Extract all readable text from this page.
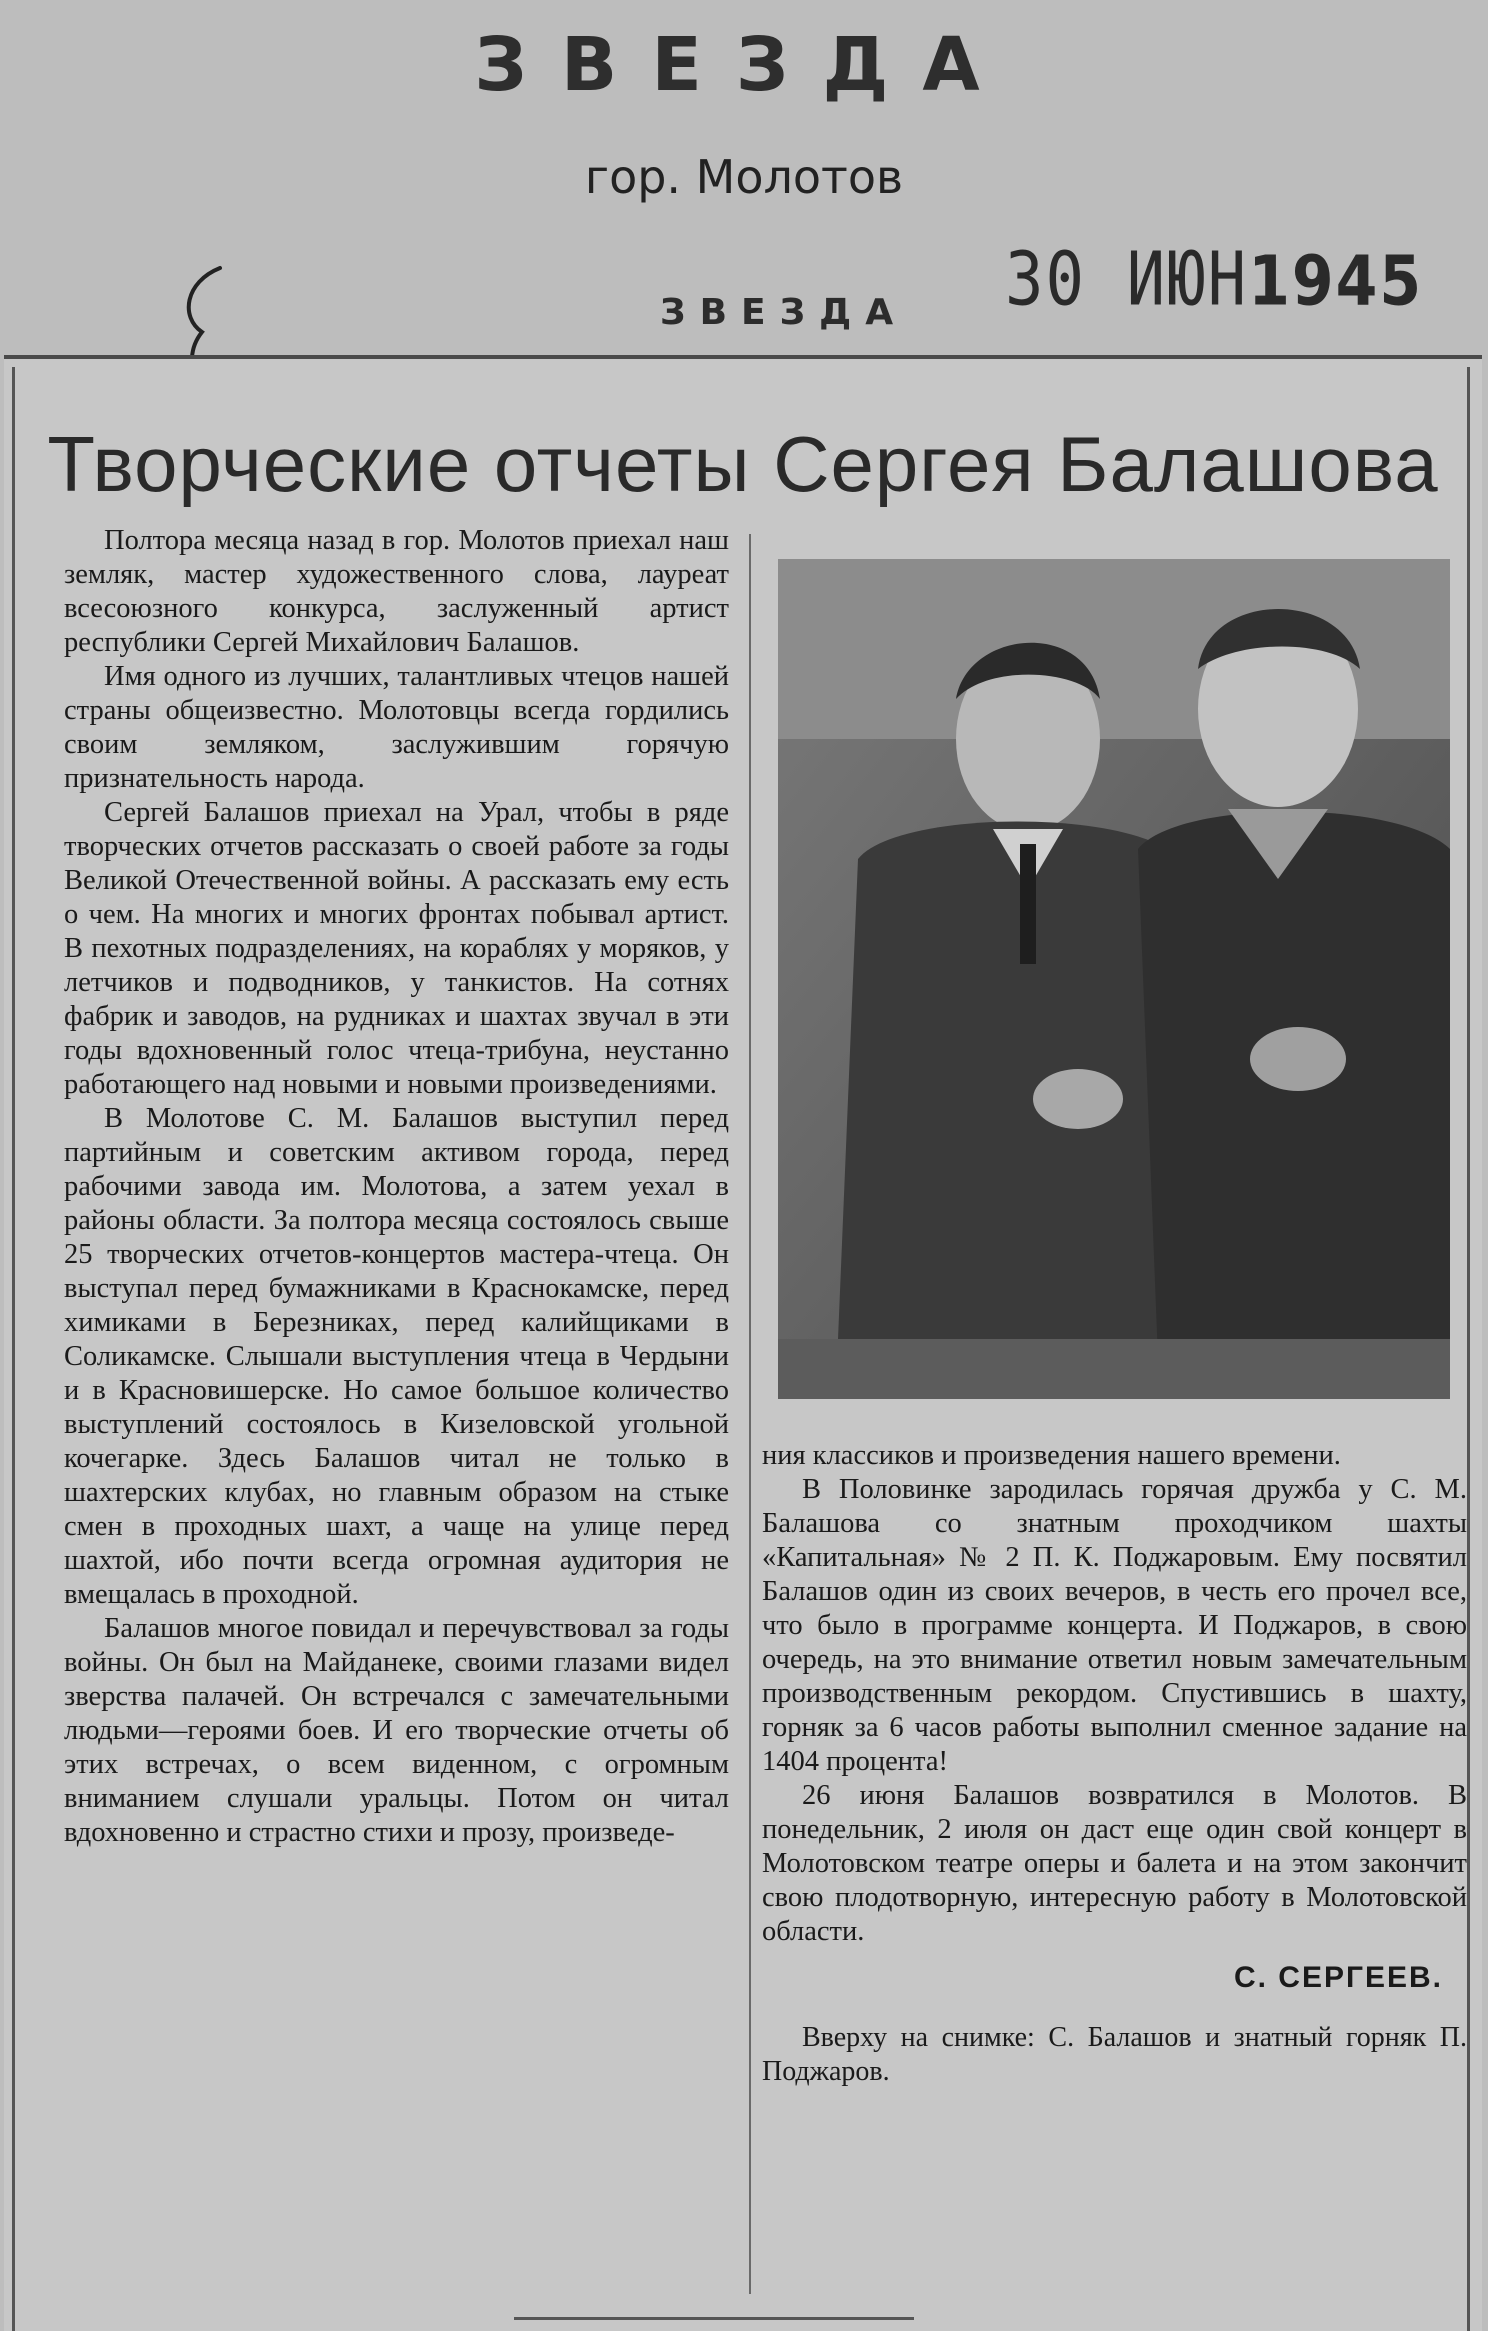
ЗВЕЗДА
гор. Молотов
ЗВЕЗДА 30 ИЮН1945
Творческие отчеты Сергея Балашова

Полтора месяца назад в гор. Молотов приехал наш земляк, мастер художественного слова, лауреат всесоюзного конкурса, заслуженный артист республики Сергей Михайлович Балашов.

Имя одного из лучших, талантливых чтецов нашей страны общеизвестно. Молотовцы всегда гордились своим земляком, заслужившим горячую признательность народа.

Сергей Балашов приехал на Урал, чтобы в ряде творческих отчетов рассказать о своей работе за годы Великой Отечественной войны. А рассказать ему есть о чем. На многих и многих фронтах побывал артист. В пехотных подразделениях, на кораблях у моряков, у летчиков и подводников, у танкистов. На сотнях фабрик и заводов, на рудниках и шахтах звучал в эти годы вдохновенный голос чтеца-трибуна, неустанно работающего над новыми и новыми произведениями.

В Молотове С. М. Балашов выступил перед партийным и советским активом города, перед рабочими завода им. Молотова, а затем уехал в районы области. За полтора месяца состоялось свыше 25 творческих отчетов-концертов мастера-чтеца. Он выступал перед бумажниками в Краснокамске, перед химиками в Березниках, перед калийщиками в Соликамске. Слышали выступления чтеца в Чердыни и в Красновишерске. Но самое большое количество выступлений состоялось в Кизеловской угольной кочегарке. Здесь Балашов читал не только в шахтерских клубах, но главным образом на стыке смен в проходных шахт, а чаще на улице перед шахтой, ибо почти всегда огромная аудитория не вмещалась в проходной.

Балашов многое повидал и перечувствовал за годы войны. Он был на Майданеке, своими глазами видел зверства палачей. Он встречался с замечательными людьми—героями боев. И его творческие отчеты об этих встречах, о всем виденном, с огромным вниманием слушали уральцы. Потом он читал вдохновенно и страстно стихи и прозу, произведе-

ния классиков и произведения нашего времени.

В Половинке зародилась горячая дружба у С. М. Балашова со знатным проходчиком шахты «Капитальная» № 2 П. К. Поджаровым. Ему посвятил Балашов один из своих вечеров, в честь его прочел все, что было в программе концерта. И Поджаров, в свою очередь, на это внимание ответил новым замечательным производственным рекордом. Спустившись в шахту, горняк за 6 часов работы выполнил сменное задание на 1404 процента!

26 июня Балашов возвратился в Молотов. В понедельник, 2 июля он даст еще один свой концерт в Молотовском театре оперы и балета и на этом закончит свою плодотворную, интересную работу в Молотовской области.

С. СЕРГЕЕВ.
Вверху на снимке: С. Балашов и знатный горняк П. Поджаров.
